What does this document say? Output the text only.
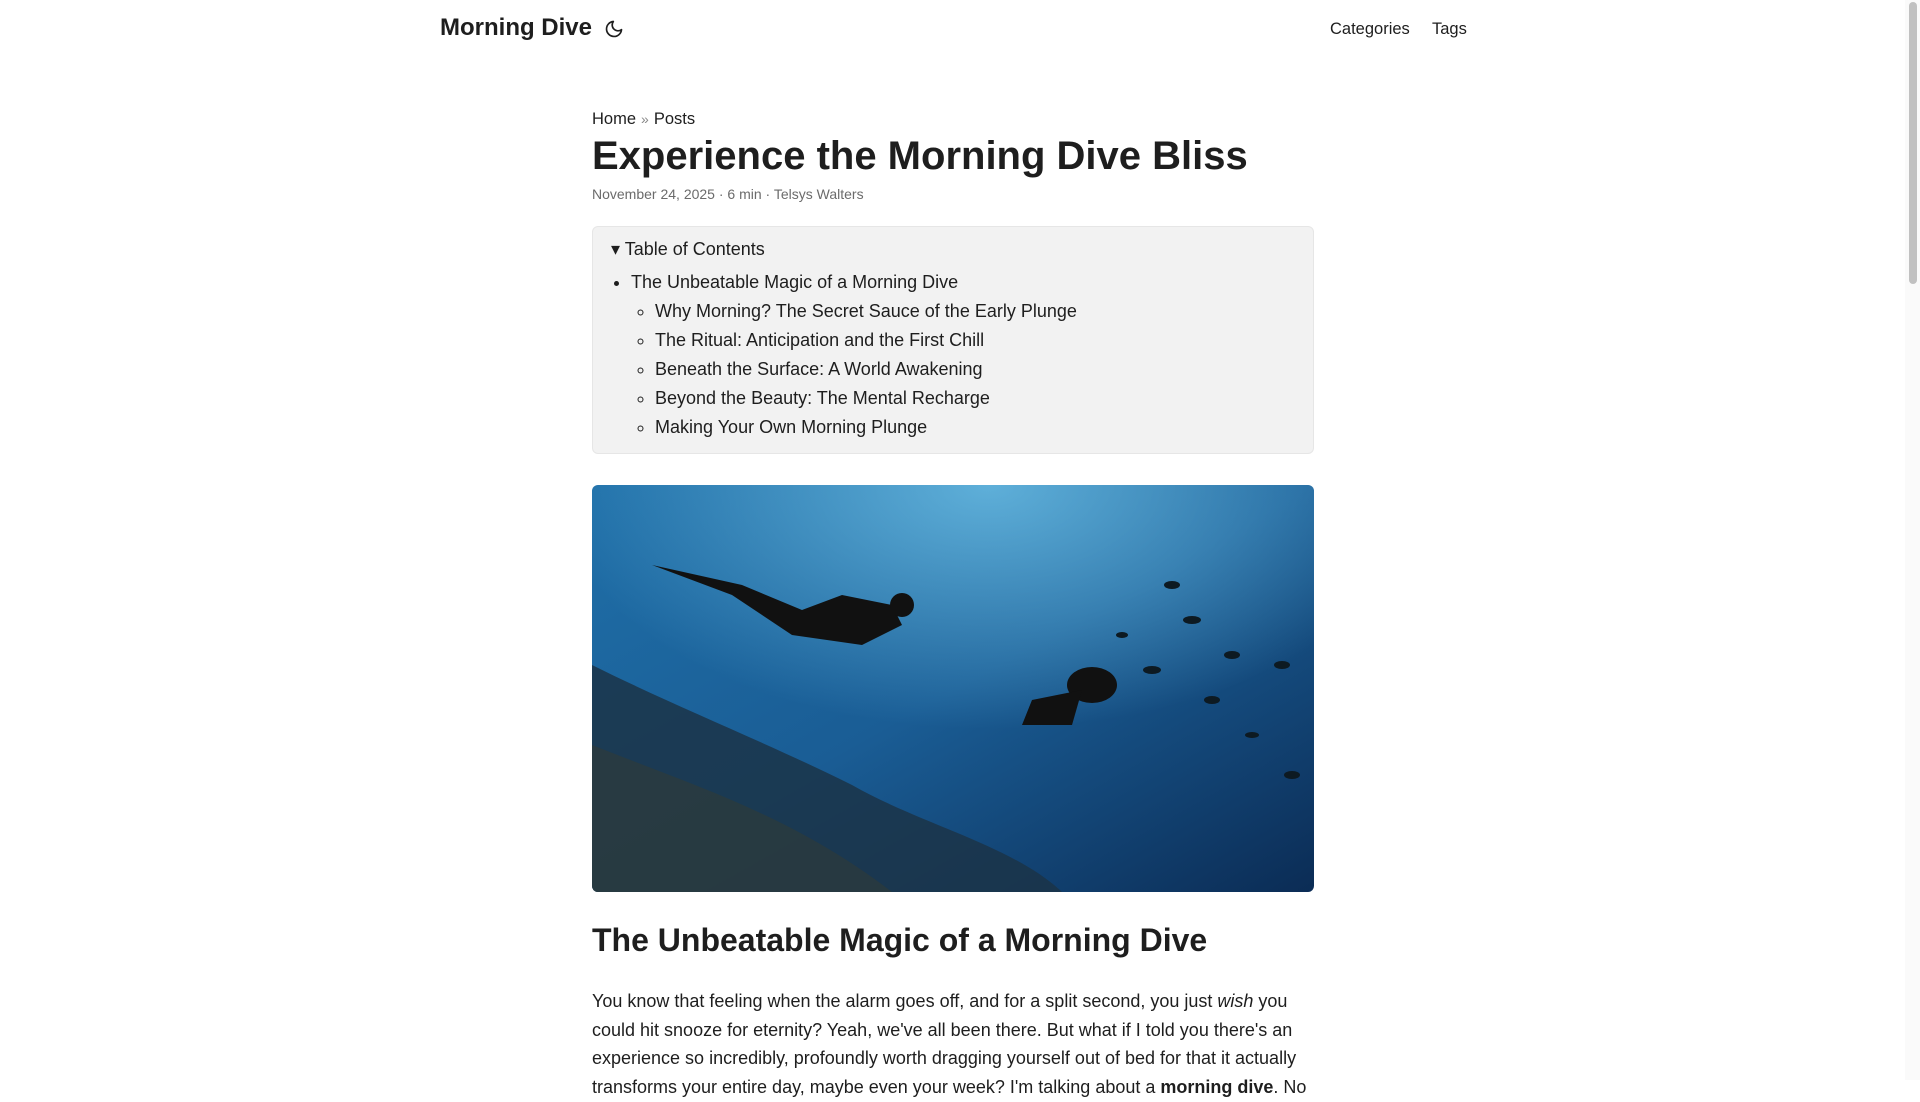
Morning Dive	Categories Tags
Home » Posts
Experience the Morning Dive Bliss
November 24, 2025 · 6 min · Telsys Walters
▾ Table of Contents
• The Unbeatable Magic of a Morning Dive
◦ Why Morning? The Secret Sauce of the Early Plunge
◦ The Ritual: Anticipation and the First Chill
◦ Beneath the Surface: A World Awakening
◦ Beyond the Beauty: The Mental Recharge
◦ Making Your Own Morning Plunge
The Unbeatable Magic of a Morning Dive

You know that feeling when the alarm goes off, and for a split second, you just wish you could hit snooze for eternity? Yeah, we've all been there. But what if I told you there's an experience so incredibly, profoundly worth dragging yourself out of bed for that it actually transforms your entire day, maybe even your week? I'm talking about a morning dive. No
